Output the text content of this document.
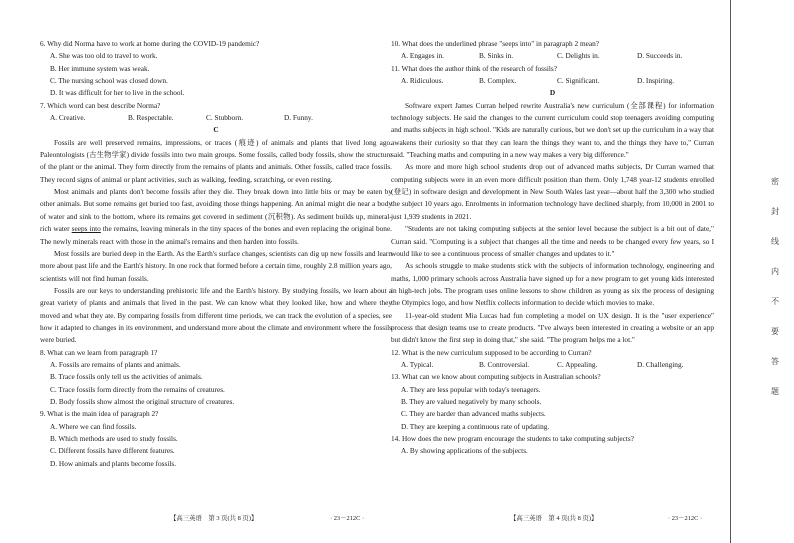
6. Why did Norma have to work at home during the COVID-19 pandemic?

A. She was too old to travel to work.

B. Her immune system was weak.

C. The nursing school was closed down.

D. It was difficult for her to live in the school.

7. Which word can best describe Norma?

A. Creative.	B. Respectable.	C. Stubborn.	D. Funny.

C

Fossils are well preserved remains, impressions, or traces (痕迹) of animals and plants that lived long ago. Paleontologists (古生物学家) divide fossils into two main groups. Some fossils, called body fossils, show the structure of the plant or the animal. They form directly from the remains of plants and animals. Other fossils, called trace fossils. They record signs of animal or plant activities, such as walking, feeding, scratching, or even resting.

Most animals and plants don't become fossils after they die. They break down into little bits or may be eaten by other animals. But some remains get buried too fast, avoiding those things happening. An animal might die near a body of water and sink to the bottom, where its remains get covered in sediment (沉积物). As sediment builds up, mineral-rich water seeps into the remains, leaving minerals in the tiny spaces of the bones and even replacing the original bone. The newly minerals react with those in the animal's remains and then harden into fossils.

Most fossils are buried deep in the Earth. As the Earth's surface changes, scientists can dig up new fossils and learn more about past life and the Earth's history. In one rock that formed before a certain time, roughly 2.8 million years ago, scientists will not find human fossils.

Fossils are our keys to understanding prehistoric life and the Earth's history. By studying fossils, we learn about a great variety of plants and animals that lived in the past. We can know what they looked like, how and where they moved and what they ate. By comparing fossils from different time periods, we can track the evolution of a species, see how it adapted to changes in its environment, and understand more about the climate and environment where the fossils were buried.

8. What can we learn from paragraph 1?

A. Fossils are remains of plants and animals.

B. Trace fossils only tell us the activities of animals.

C. Trace fossils form directly from the remains of creatures.

D. Body fossils show almost the original structure of creatures.

9. What is the main idea of paragraph 2?

A. Where we can find fossils.

B. Which methods are used to study fossils.

C. Different fossils have different features.

D. How animals and plants become fossils.

10. What does the underlined phrase "seeps into" in paragraph 2 mean?

A. Engages in.	B. Sinks in.	C. Delights in.	D. Succeeds in.

11. What does the author think of the research of fossils?

A. Ridiculous.	B. Complex.	C. Significant.	D. Inspiring.

D

Software expert James Curran helped rewrite Australia's new curriculum (全部课程) for information technology subjects. He said the changes to the current curriculum could stop teenagers avoiding computing and maths subjects in high school. "Kids are naturally curious, but we don't set up the curriculum in a way that awakens their curiosity so that they can learn the things they want to, and the things they have to," Curran said. "Teaching maths and computing in a new way makes a very big difference."

As more and more high school students drop out of advanced maths subjects, Dr Curran warned that computing subjects were in an even more difficult position than them. Only 1,748 year-12 students enrolled (登记) in software design and development in New South Wales last year—about half the 3,300 who studied the subject 10 years ago. Enrolments in information technology have declined sharply, from 10,000 in 2001 to just 1,939 students in 2021.

"Students are not taking computing subjects at the senior level because the subject is a bit out of date," Curran said. "Computing is a subject that changes all the time and needs to be changed every few years, so I would like to see a continuous process of smaller changes and updates to it."

As schools struggle to make students stick with the subjects of information technology, engineering and maths, 1,000 primary schools across Australia have signed up for a new program to get young kids interested in high-tech jobs. The program uses online lessons to show children as young as six the process of designing the Olympics logo, and how Netflix collects information to decide which movies to make.

11-year-old student Mia Lucas had fun completing a model on UX design. It is the "user experience" process that design teams use to create products. "I've always been interested in creating a website or an app but didn't know the first step in doing that," she said. "The program helps me a lot."

12. What is the new curriculum supposed to be according to Curran?

A. Typical.	B. Controversial.	C. Appealing.	D. Challenging.

13. What can we know about computing subjects in Australian schools?

A. They are less popular with today's teenagers.

B. They are valued negatively by many schools.

C. They are harder than advanced maths subjects.

D. They are keeping a continuous rate of updating.

14. How does the new program encourage the students to take computing subjects?

A. By showing applications of the subjects.

【高三英语　第 3 页(共 8 页)】	· 23－212C ·	【高三英语　第 4 页(共 8 页)】	· 23－212C ·
密
封
线
内
不
要
答
题
